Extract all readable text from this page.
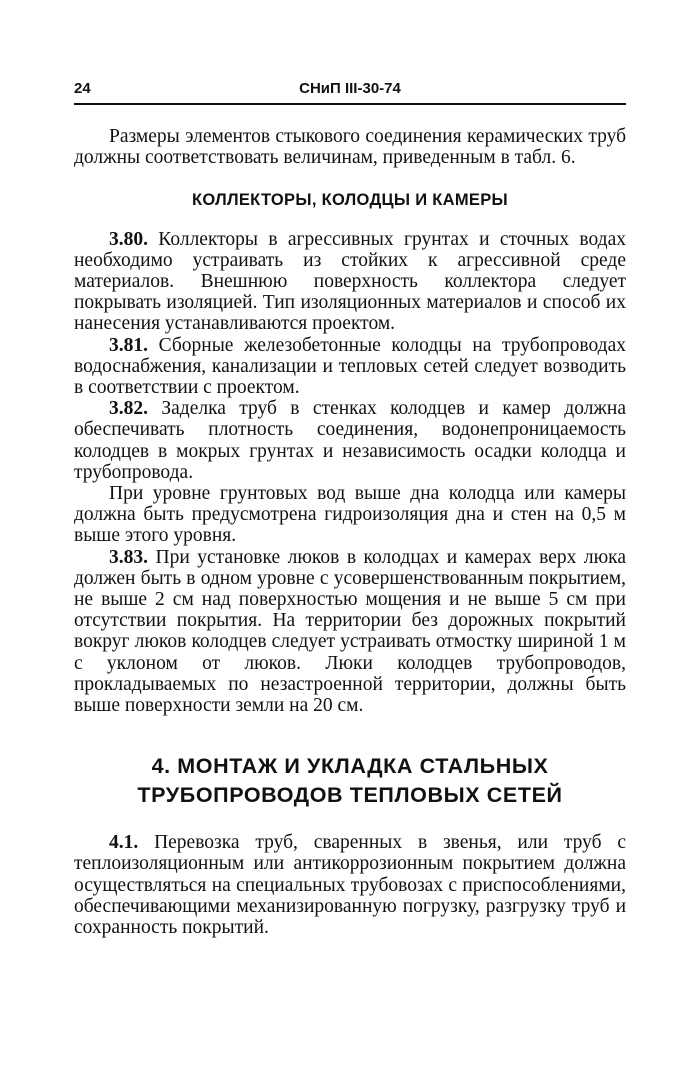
24	СНиП III-30-74

Размеры элементов стыкового соединения керамических труб должны соответствовать величинам, приведенным в табл. 6.

КОЛЛЕКТОРЫ, КОЛОДЦЫ И КАМЕРЫ

3.80. Коллекторы в агрессивных грунтах и сточных водах необходимо устраивать из стойких к агрессивной среде материалов. Внешнюю поверхность коллектора следует покрывать изоляцией. Тип изоляционных материалов и способ их нанесения устанавливаются проектом.

3.81. Сборные железобетонные колодцы на трубопроводах водоснабжения, канализации и тепловых сетей следует возводить в соответствии с проектом.

3.82. Заделка труб в стенках колодцев и камер должна обеспечивать плотность соединения, водонепроницаемость колодцев в мокрых грунтах и независимость осадки колодца и трубопровода.

При уровне грунтовых вод выше дна колодца или камеры должна быть предусмотрена гидроизоляция дна и стен на 0,5 м выше этого уровня.

3.83. При установке люков в колодцах и камерах верх люка должен быть в одном уровне с усовершенствованным покрытием, не выше 2 см над поверхностью мощения и не выше 5 см при отсутствии покрытия. На территории без дорожных покрытий вокруг люков колодцев следует устраивать отмостку шириной 1 м с уклоном от люков. Люки колодцев трубопроводов, прокладываемых по незастроенной территории, должны быть выше поверхности земли на 20 см.

4. МОНТАЖ И УКЛАДКА СТАЛЬНЫХ
ТРУБОПРОВОДОВ ТЕПЛОВЫХ СЕТЕЙ

4.1. Перевозка труб, сваренных в звенья, или труб с теплоизоляционным или антикоррозионным покрытием должна осуществляться на специальных трубовозах с приспособлениями, обеспечивающими механизированную погрузку, разгрузку труб и сохранность покрытий.
